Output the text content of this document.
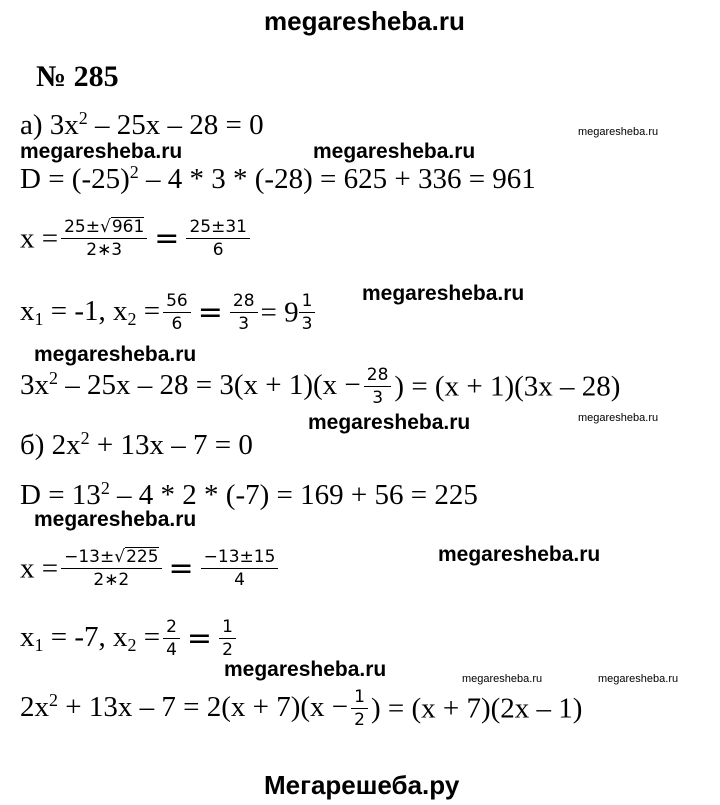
megaresheba.ru
№ 285
а) $3x^2 - 25x - 28 = 0$	megaresheba.ru
megaresheba.ru	megaresheba.ru
$D = (-25)^2 - 4 * 3 * (-28) = 625 + 336 = 961$
$x = \frac{25\pm√961}{2∗3} = \frac{25\pm 31}{6}$
megaresheba.ru
$x_1 = -1$, $x_2 = \frac{56}{6} = \frac{28}{3} = 9 \frac{1}{3}$
megaresheba.ru
$3x^2 - 25x - 28 = 3(x + 1)(x - \frac{28}{3}$ ) = (x + 1)(3x – 28)
megaresheba.ru
megaresheba.ru
б) $2x^2 + 13x - 7 = 0$
$D = 13^2 - 4 * 2 * (-7) = 169 + 56 = 225$
megaresheba.ru
$x = \frac{-13\pm√225}{2∗2} = \frac{-13\pm 15}{4}$	megaresheba.ru
$x_1 = -7$, $x_2 = \frac{2}{4} = \frac{1}{2}$
megaresheba.ru	megaresheba.ru	megaresheba.ru
$2x^2 + 13x - 7 = 2(x + 7)(x - \frac{1}{2}$ ) = (x + 7)(2x – 1)
Мегарешеба.ру
